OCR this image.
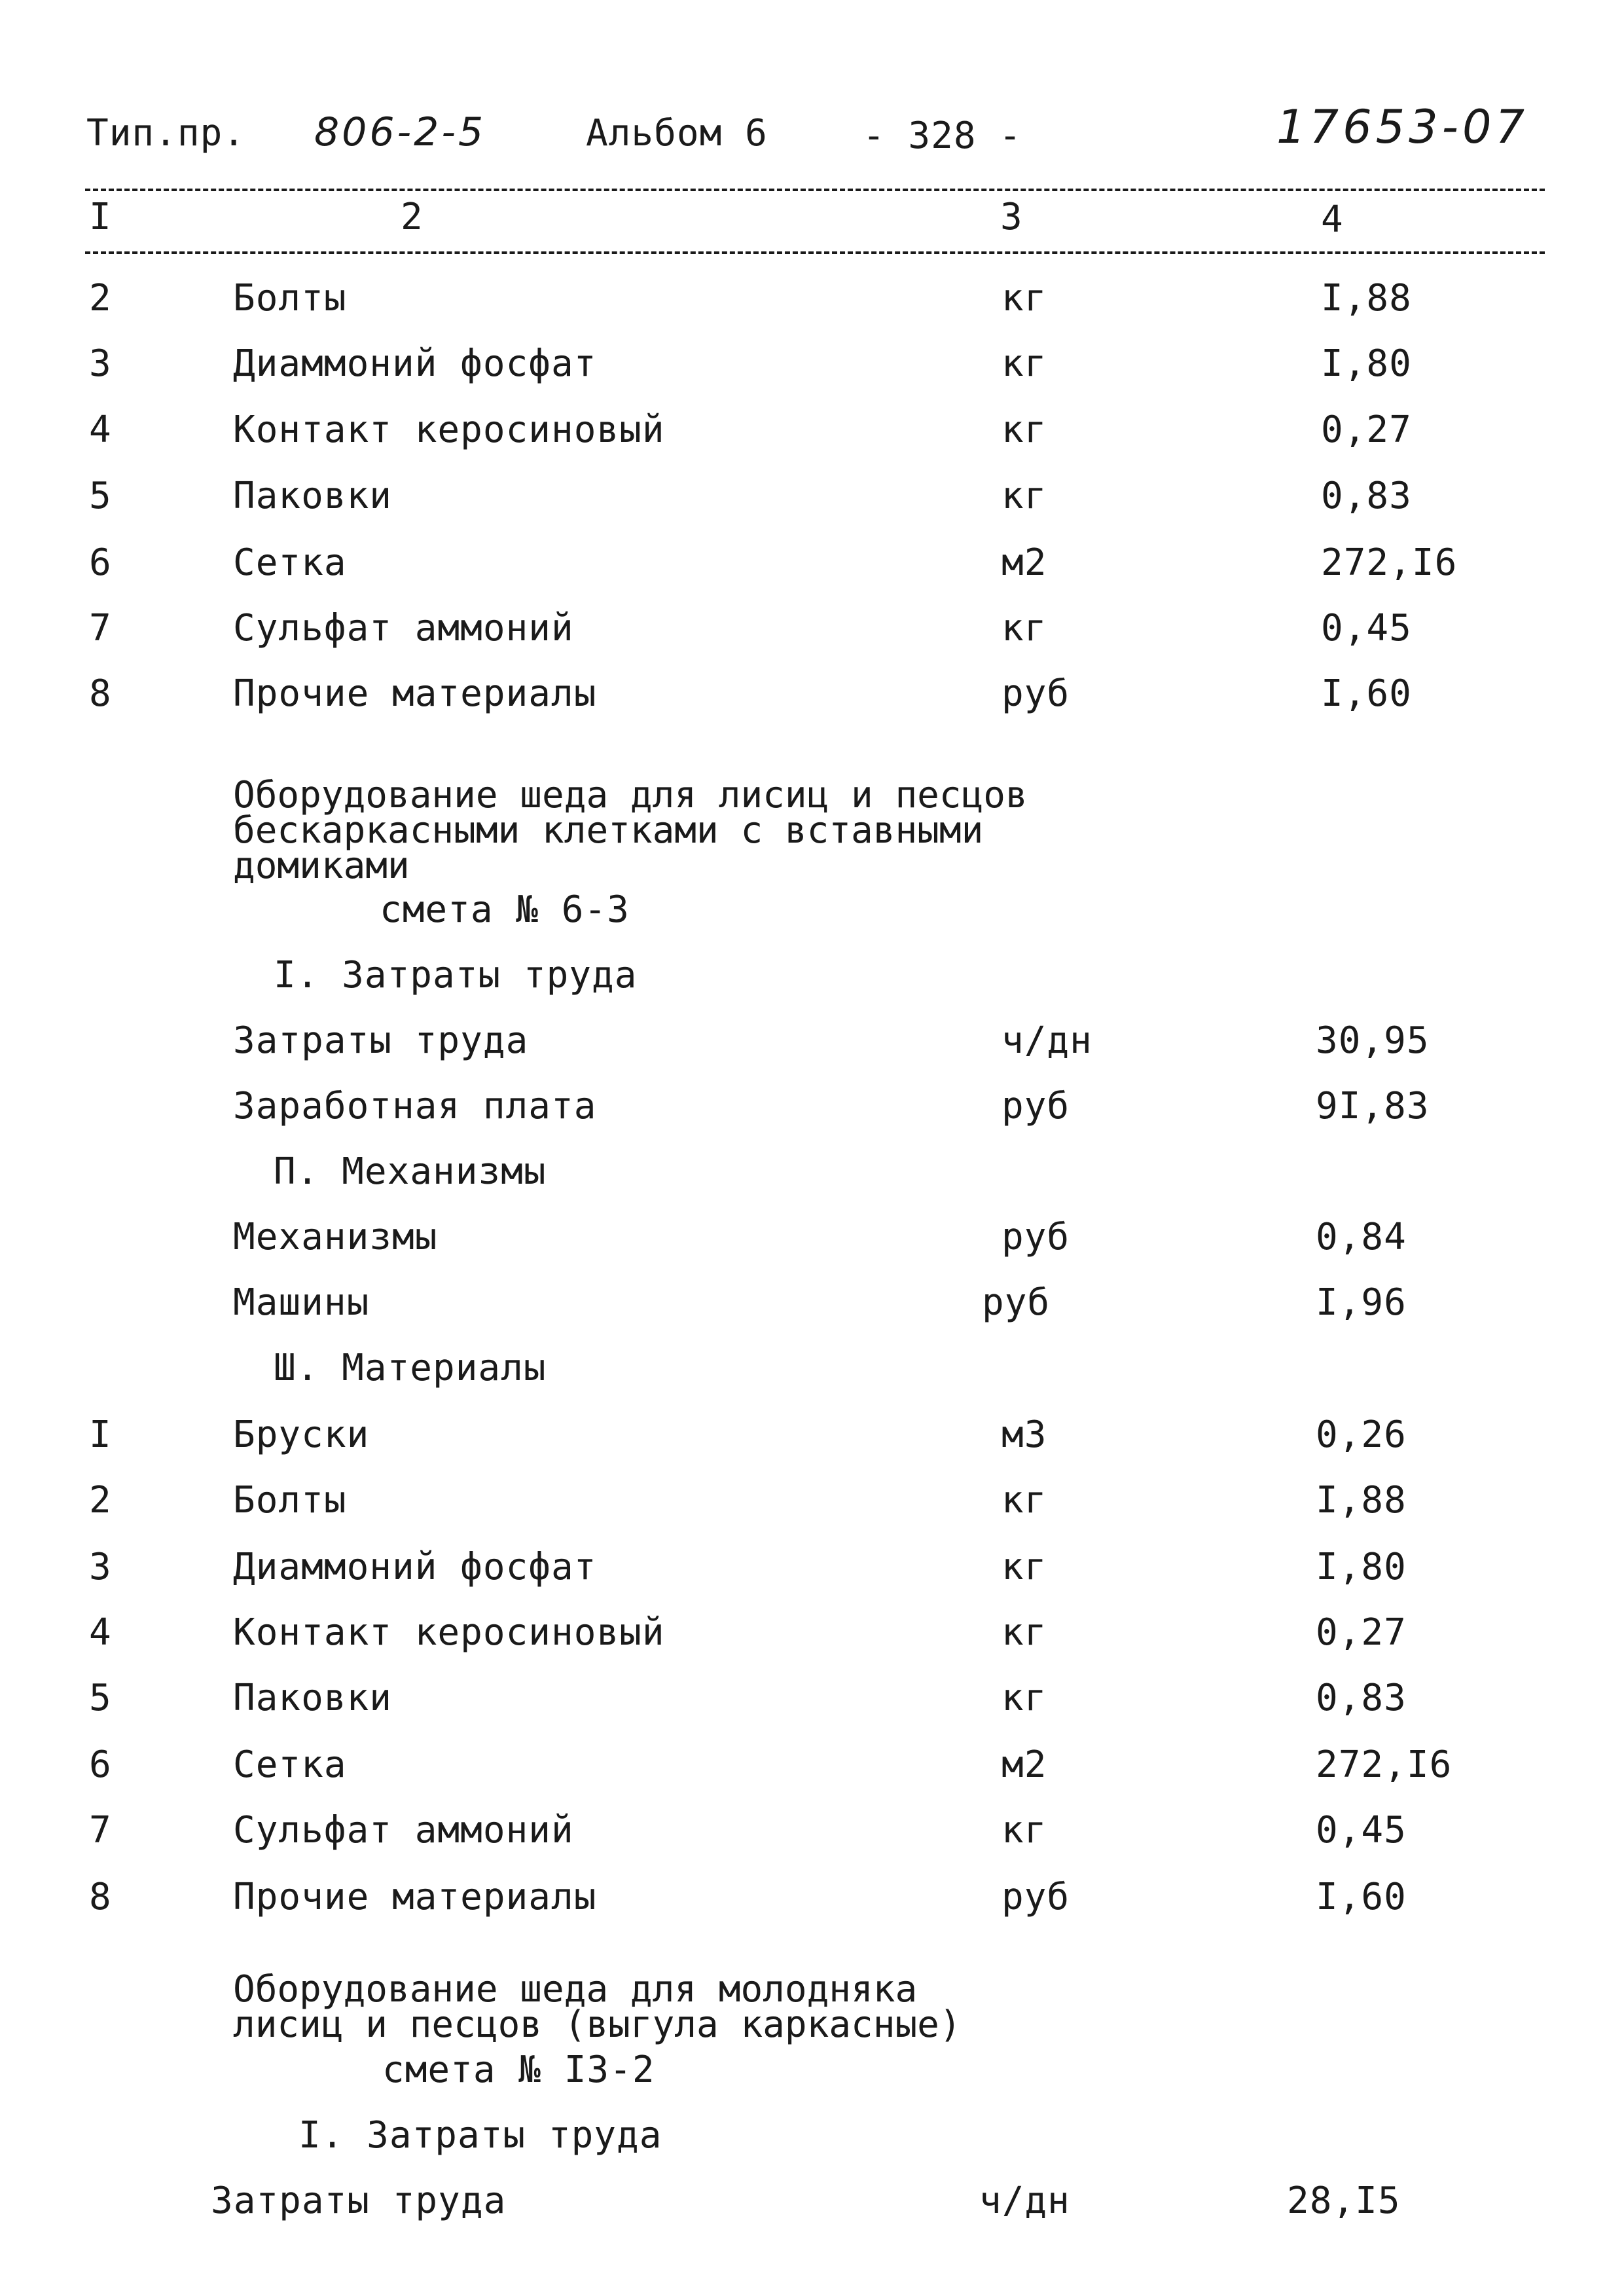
Тип.пр. 806-2-5	Альбом 6	- 328 -	17653-07
I	2	3	4
2	Болты	кг	I,88
3	Диаммоний фосфат	кг	I,80
4	Контакт керосиновый	кг	0,27
5	Паковки	кг	0,83
6	Сетка	м2	272,I6
7	Сульфат аммоний	кг	0,45
8	Прочие материалы	руб	I,60
Оборудование шеда для лисиц и песцов
бескаркасными клетками с вставными
домиками
смета № 6-3
I. Затраты труда
Затраты труда	ч/дн	30,95
Заработная плата	руб	9I,83
П. Механизмы
Механизмы	руб	0,84
Машины	руб	I,96
Ш. Материалы
I	Бруски	м3	0,26
2	Болты	кг	I,88
3	Диаммоний фосфат	кг	I,80
4	Контакт керосиновый	кг	0,27
5	Паковки	кг	0,83
6	Сетка	м2	272,I6
7	Сульфат аммоний	кг	0,45
8	Прочие материалы	руб	I,60
Оборудование шеда для молодняка
лисиц и песцов (выгула каркасные)
смета № I3-2
I. Затраты труда
Затраты труда	ч/дн	28,I5
